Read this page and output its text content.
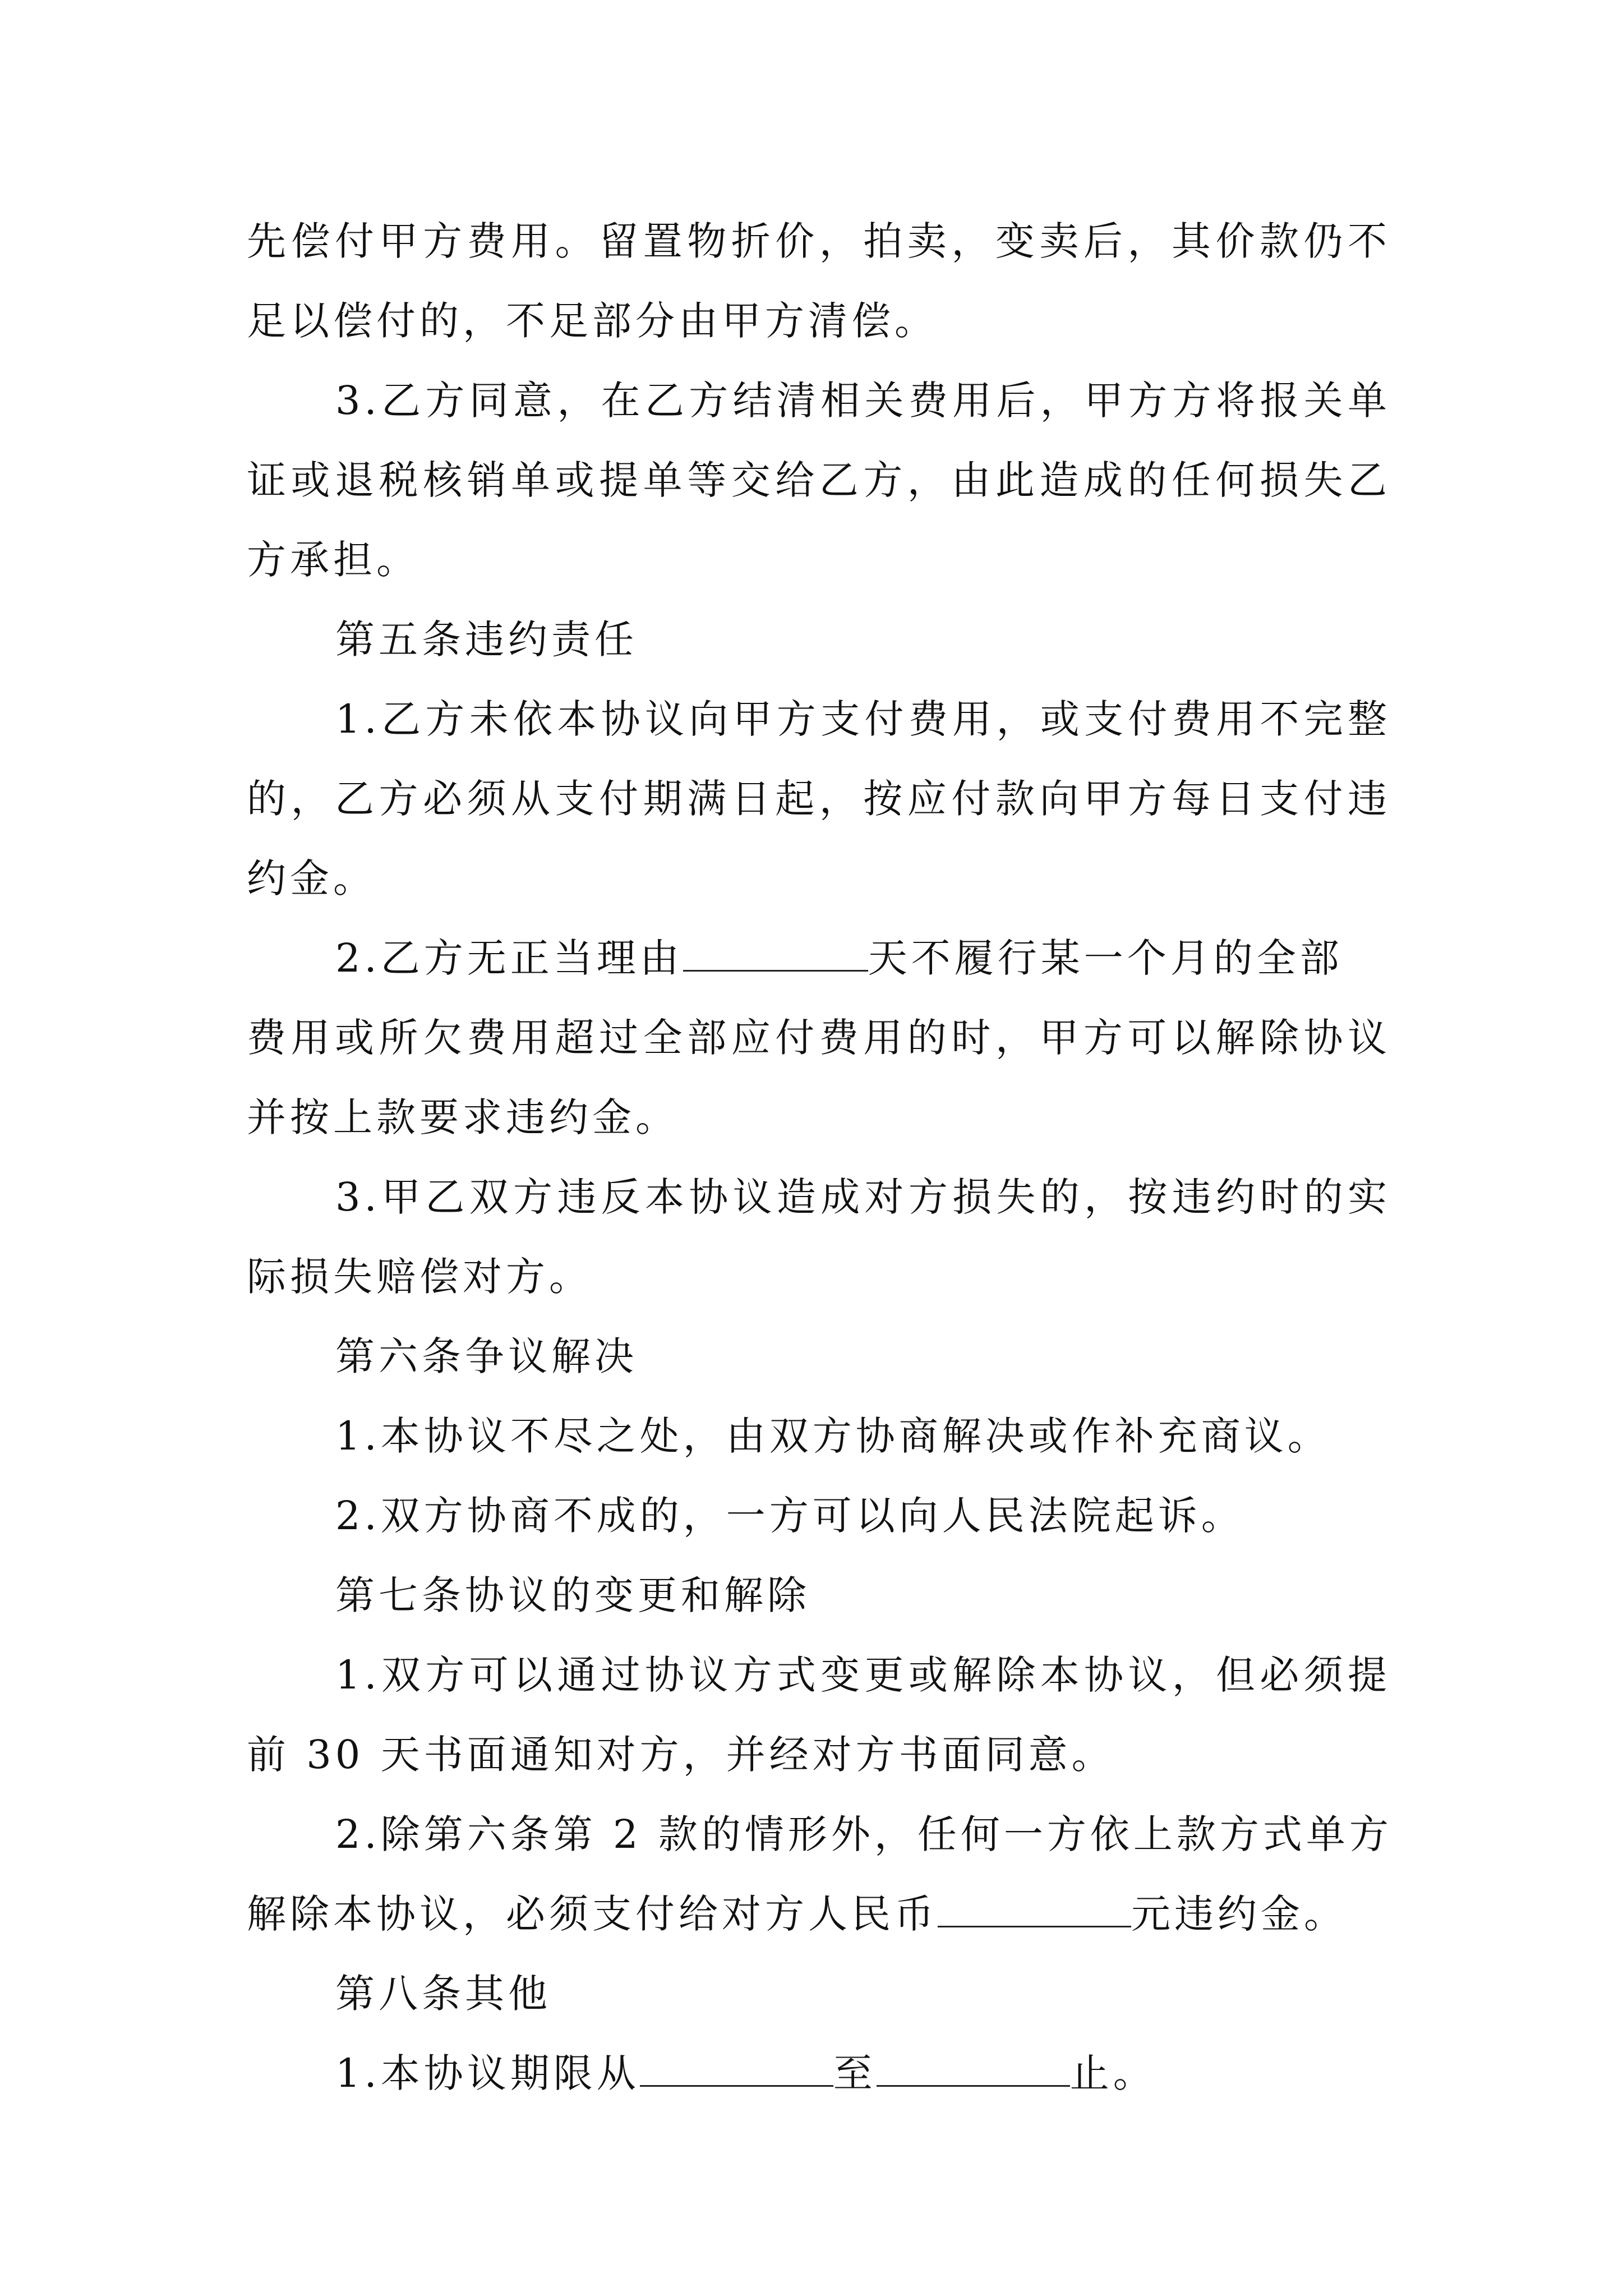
先偿付甲方费用。留置物折价，拍卖，变卖后，其价款仍不
足以偿付的，不足部分由甲方清偿。
3.乙方同意，在乙方结清相关费用后，甲方方将报关单
证或退税核销单或提单等交给乙方，由此造成的任何损失乙
方承担。
第五条违约责任
1.乙方未依本协议向甲方支付费用，或支付费用不完整
的，乙方必须从支付期满日起，按应付款向甲方每日支付违
约金。
2.乙方无正当理由	天不履行某一个月的全部
费用或所欠费用超过全部应付费用的时，甲方可以解除协议
并按上款要求违约金。
3.甲乙双方违反本协议造成对方损失的，按违约时的实
际损失赔偿对方。
第六条争议解决
1.本协议不尽之处，由双方协商解决或作补充商议。
2.双方协商不成的，一方可以向人民法院起诉。
第七条协议的变更和解除
1.双方可以通过协议方式变更或解除本协议，但必须提
前 30 天书面通知对方，并经对方书面同意。
2.除第六条第 2 款的情形外，任何一方依上款方式单方
解除本协议，必须支付给对方人民币	元违约金。
第八条其他
1.本协议期限从	至	止。
